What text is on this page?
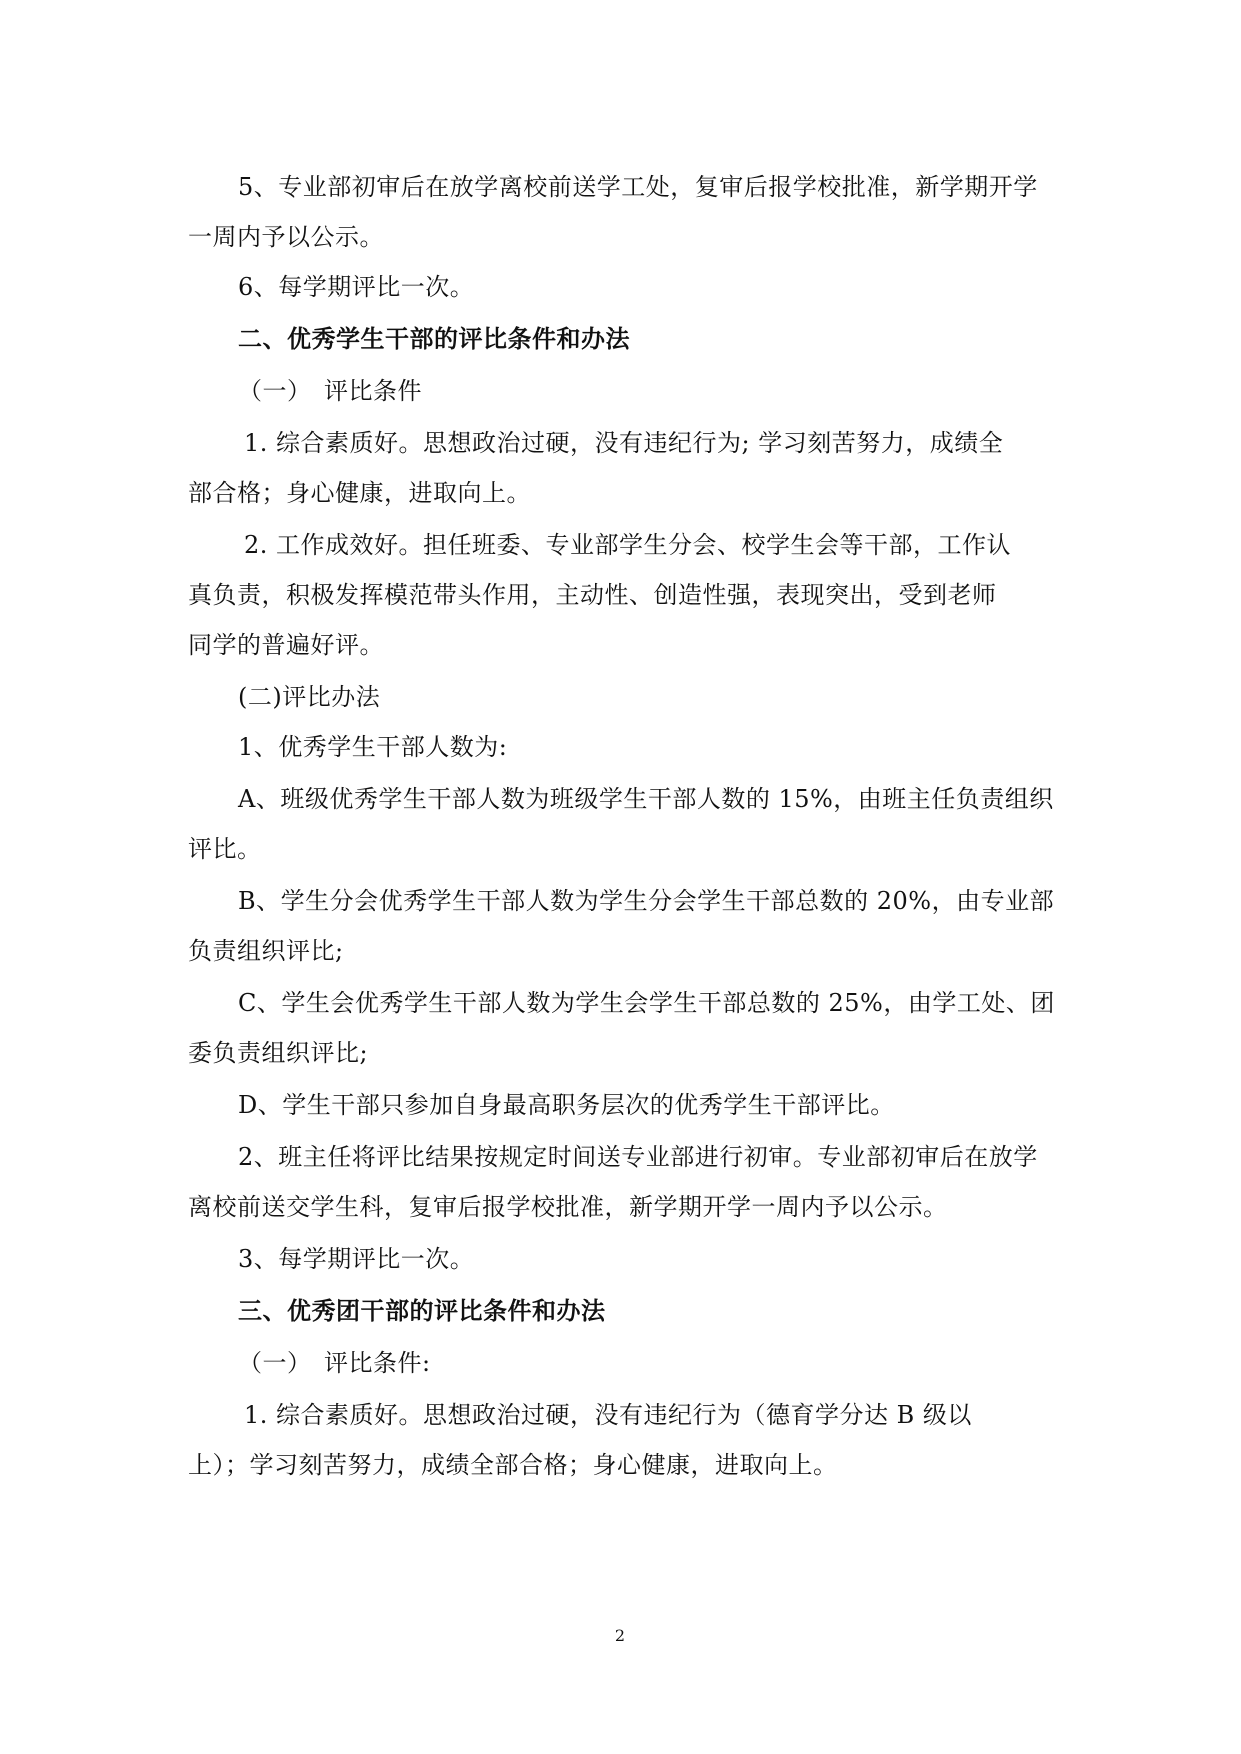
5、专业部初审后在放学离校前送学工处，复审后报学校批准，新学期开学

一周内予以公示。

6、每学期评比一次。

二、优秀学生干部的评比条件和办法

（一）　评比条件

1. 综合素质好。思想政治过硬，没有违纪行为; 学习刻苦努力，成绩全

部合格；身心健康，进取向上。

2. 工作成效好。担任班委、专业部学生分会、校学生会等干部，工作认

真负责，积极发挥模范带头作用，主动性、创造性强，表现突出，受到老师

同学的普遍好评。

(二)评比办法

1、优秀学生干部人数为:

A、班级优秀学生干部人数为班级学生干部人数的 15%，由班主任负责组织

评比。

B、学生分会优秀学生干部人数为学生分会学生干部总数的 20%，由专业部

负责组织评比;

C、学生会优秀学生干部人数为学生会学生干部总数的 25%，由学工处、团

委负责组织评比;

D、学生干部只参加自身最高职务层次的优秀学生干部评比。

2、班主任将评比结果按规定时间送专业部进行初审。专业部初审后在放学

离校前送交学生科，复审后报学校批准，新学期开学一周内予以公示。

3、每学期评比一次。

三、优秀团干部的评比条件和办法

（一）　评比条件:

1. 综合素质好。思想政治过硬，没有违纪行为（德育学分达 B 级以

上）；学习刻苦努力，成绩全部合格；身心健康，进取向上。

2
